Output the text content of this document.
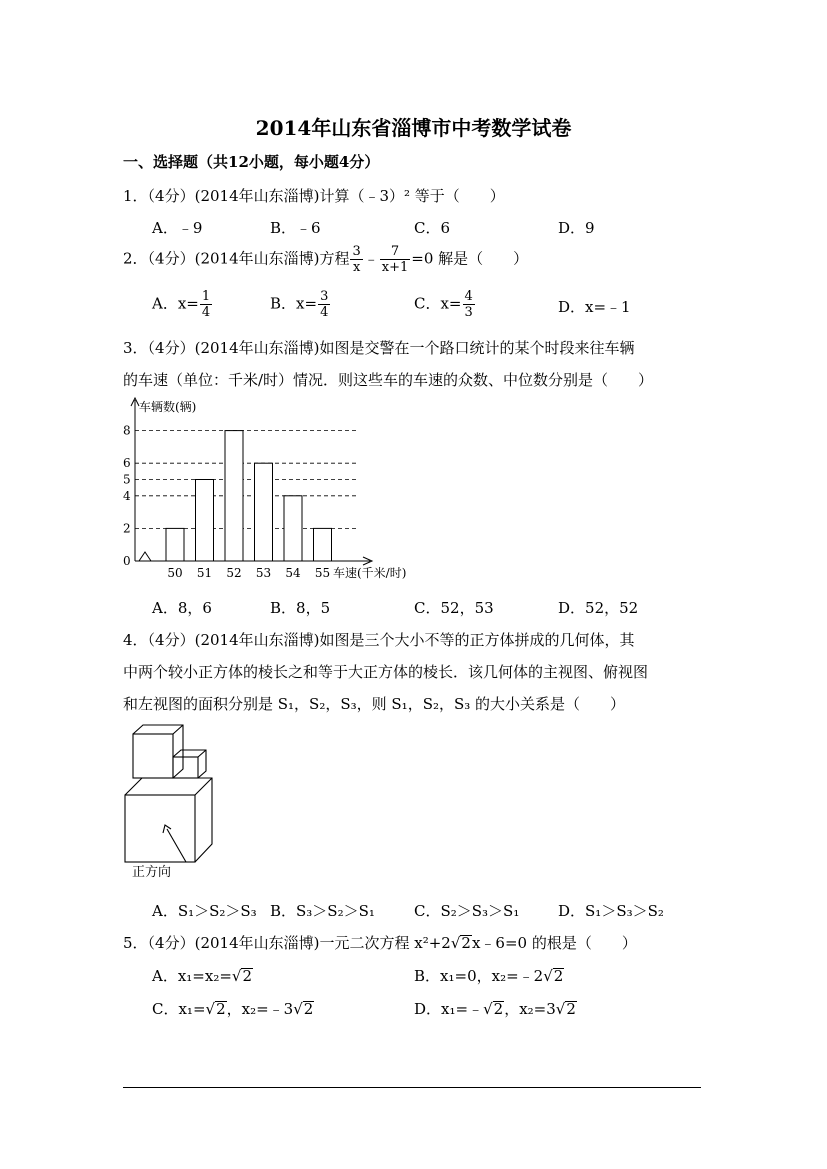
2014年山东省淄博市中考数学试卷
一、选择题（共12小题，每小题4分）
1．（4分）(2014年山东淄博)计算（﹣3）² 等于（　　）
A．﹣9	B．﹣6	C．6	D．9
2．（4分）(2014年山东淄博)方程 $\frac{3}{x}$ ﹣ $\frac{7}{x+1} =0$ 解是（　　）
A．$x= \frac{1}{4}$	B．$x= \frac{3}{4}$	C．$x= \frac{4}{3}$	D．x=﹣1
3．（4分）(2014年山东淄博)如图是交警在一个路口统计的某个时段来往车辆
的车速（单位：千米/时）情况．则这些车的车速的众数、中位数分别是（　　）
0
2
4
5
6
8
50 51 52 53 54 55
车辆数(辆)
车速(千米/时)
A．8，6	B．8，5	C．52，53	D．52，52
4．（4分）(2014年山东淄博)如图是三个大小不等的正方体拼成的几何体，其
中两个较小正方体的棱长之和等于大正方体的棱长．该几何体的主视图、俯视图
和左视图的面积分别是 S₁，S₂，S₃，则 S₁，S₂，S₃ 的大小关系是（　　）
正方向
A．S₁＞S₂＞S₃ B．S₃＞S₂＞S₁	C．S₂＞S₃＞S₁	D．S₁＞S₃＞S₂
5．（4分）(2014年山东淄博)一元二次方程 x²+2√2x﹣6=0 的根是（　　）
A．x₁=x₂=√2	B．x₁=0，x₂=﹣2√2
C．x₁=√2，x₂=﹣3√2	D．x₁=﹣√2，x₂=3√2
